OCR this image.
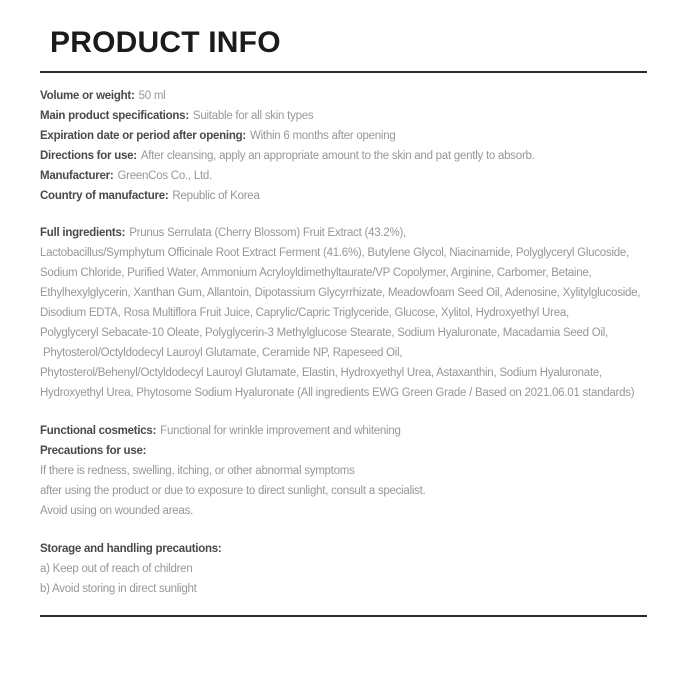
PRODUCT INFO
Volume or weight: 50 ml
Main product specifications: Suitable for all skin types
Expiration date or period after opening: Within 6 months after opening
Directions for use: After cleansing, apply an appropriate amount to the skin and pat gently to absorb.
Manufacturer: GreenCos Co., Ltd.
Country of manufacture: Republic of Korea
Full ingredients: Prunus Serrulata (Cherry Blossom) Fruit Extract (43.2%),
Lactobacillus/Symphytum Officinale Root Extract Ferment (41.6%), Butylene Glycol, Niacinamide, Polyglyceryl Glucoside,
Sodium Chloride, Purified Water, Ammonium Acryloyldimethyltaurate/VP Copolymer, Arginine, Carbomer, Betaine,
Ethylhexylglycerin, Xanthan Gum, Allantoin, Dipotassium Glycyrrhizate, Meadowfoam Seed Oil, Adenosine, Xylitylglucoside,
Disodium EDTA, Rosa Multiflora Fruit Juice, Caprylic/Capric Triglyceride, Glucose, Xylitol, Hydroxyethyl Urea,
Polyglyceryl Sebacate-10 Oleate, Polyglycerin-3 Methylglucose Stearate, Sodium Hyaluronate, Macadamia Seed Oil,
Phytosterol/Octyldodecyl Lauroyl Glutamate, Ceramide NP, Rapeseed Oil,
Phytosterol/Behenyl/Octyldodecyl Lauroyl Glutamate, Elastin, Hydroxyethyl Urea, Astaxanthin, Sodium Hyaluronate,
Hydroxyethyl Urea, Phytosome Sodium Hyaluronate (All ingredients EWG Green Grade / Based on 2021.06.01 standards)
Functional cosmetics: Functional for wrinkle improvement and whitening
Precautions for use:
If there is redness, swelling, itching, or other abnormal symptoms
after using the product or due to exposure to direct sunlight, consult a specialist.
Avoid using on wounded areas.
Storage and handling precautions:
a) Keep out of reach of children
b) Avoid storing in direct sunlight
